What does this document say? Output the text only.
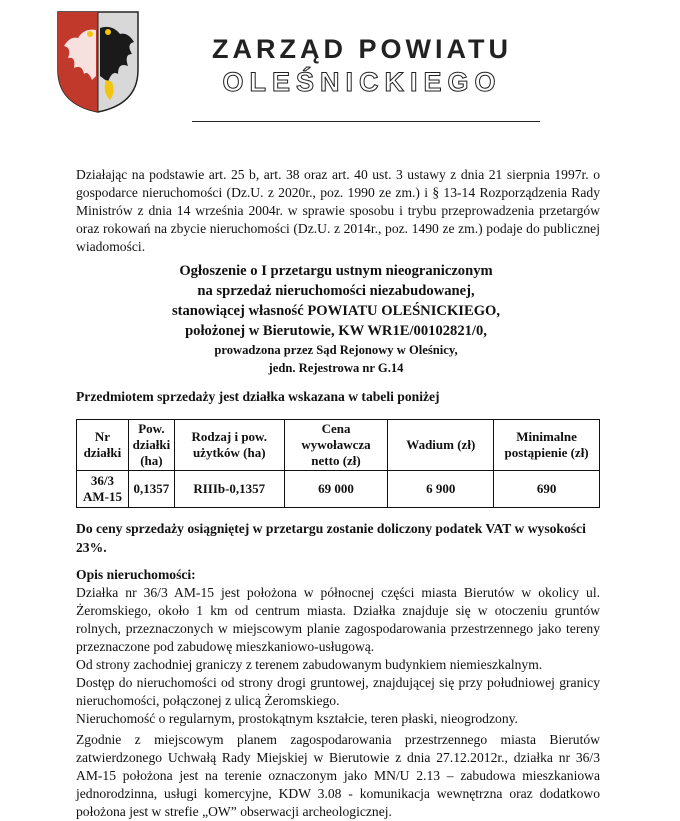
ZARZĄD POWIATU
OLEŚNICKIEGO
Działając na podstawie art. 25 b, art. 38 oraz art. 40 ust. 3 ustawy z dnia 21 sierpnia 1997r. o gospodarce nieruchomości (Dz.U. z 2020r., poz. 1990 ze zm.) i § 13-14 Rozporządzenia Rady Ministrów z dnia 14 września 2004r. w sprawie sposobu i trybu przeprowadzenia przetargów oraz rokowań na zbycie nieruchomości (Dz.U. z 2014r., poz. 1490 ze zm.) podaje do publicznej wiadomości.
Ogłoszenie o I przetargu ustnym nieograniczonym
na sprzedaż nieruchomości niezabudowanej,
stanowiącej własność POWIATU OLEŚNICKIEGO,
położonej w Bierutowie, KW WR1E/00102821/0,
prowadzona przez Sąd Rejonowy w Oleśnicy,
jedn. Rejestrowa nr G.14
Przedmiotem sprzedaży jest działka wskazana w tabeli poniżej
Nr działki	Pow. działki (ha)	Rodzaj i pow. użytków (ha)	Cena wywoławcza netto (zł)	Wadium (zł)	Minimalne postąpienie (zł)
36/3 AM-15	0,1357	RIIIb-0,1357	69 000	6 900	690
Do ceny sprzedaży osiągniętej w przetargu zostanie doliczony podatek VAT w wysokości 23%.
Opis nieruchomości:

Działka nr 36/3 AM-15 jest położona w północnej części miasta Bierutów w okolicy ul. Żeromskiego, około 1 km od centrum miasta. Działka znajduje się w otoczeniu gruntów rolnych, przeznaczonych w miejscowym planie zagospodarowania przestrzennego jako tereny przeznaczone pod zabudowę mieszkaniowo-usługową.

Od strony zachodniej graniczy z terenem zabudowanym budynkiem niemieszkalnym.

Dostęp do nieruchomości od strony drogi gruntowej, znajdującej się przy południowej granicy nieruchomości, połączonej z ulicą Żeromskiego.

Nieruchomość o regularnym, prostokątnym kształcie, teren płaski, nieogrodzony.

Zgodnie z miejscowym planem zagospodarowania przestrzennego miasta Bierutów zatwierdzonego Uchwałą Rady Miejskiej w Bierutowie z dnia 27.12.2012r., działka nr 36/3 AM-15 położona jest na terenie oznaczonym jako MN/U 2.13 – zabudowa mieszkaniowa jednorodzinna, usługi komercyjne, KDW 3.08 - komunikacja wewnętrzna oraz dodatkowo położona jest w strefie „OW” obserwacji archeologicznej.
